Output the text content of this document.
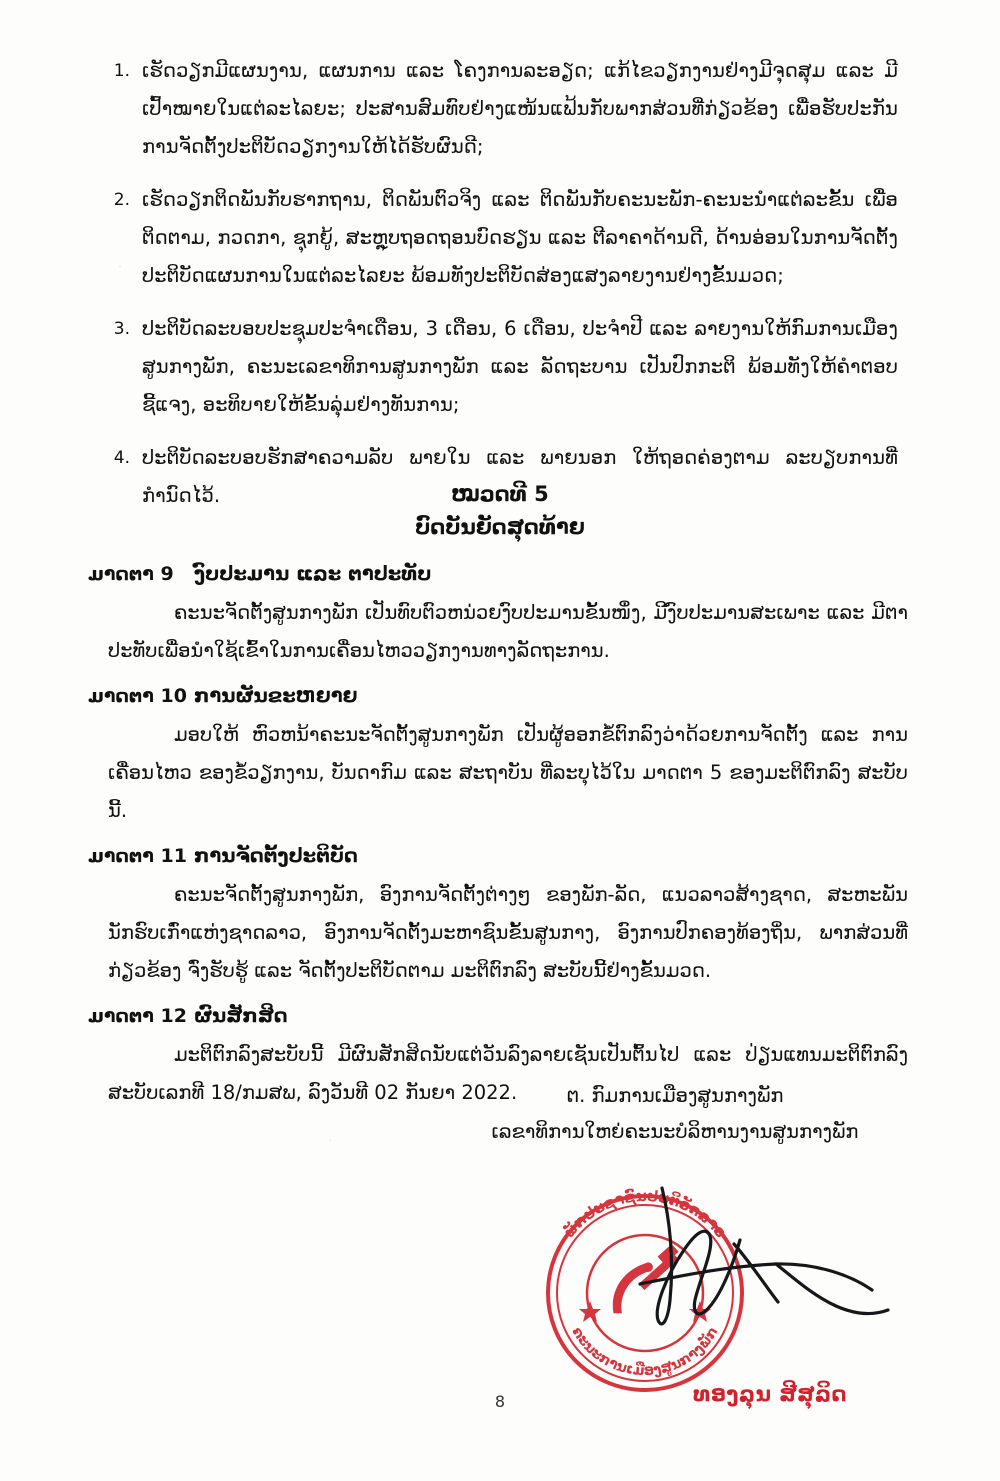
1. ເຮັດວຽກມີແຜນງານ, ແຜນການ ແລະ ໂຄງການລະອຽດ; ແກ້ໄຂວຽກງານຢ່າງມີຈຸດສຸມ ແລະ ມີເປົ້າໝາຍໃນແຕ່ລະໄລຍະ; ປະສານສົມທົບຢ່າງແໜ້ນແຟ້ນກັບພາກສ່ວນທີ່ກ່ຽວຂ້ອງ ເພື່ອຮັບປະກັນການຈັດຕັ້ງປະຕິບັດວຽກງານໃຫ້ໄດ້ຮັບຜົນດີ;
2. ເຮັດວຽກຕິດພັນກັບຮາກຖານ, ຕິດພັນຕົວຈິງ ແລະ ຕິດພັນກັບຄະນະພັກ-ຄະນະນຳແຕ່ລະຂັ້ນ ເພື່ອຕິດຕາມ, ກວດກາ, ຊຸກຍູ້, ສະຫຼຸບຖອດຖອນບົດຮຽນ ແລະ ຕີລາຄາດ້ານດີ, ດ້ານອ່ອນໃນການຈັດຕັ້ງປະຕິບັດແຜນການໃນແຕ່ລະໄລຍະ ພ້ອມທັງປະຕິບັດສ່ອງແສງລາຍງານຢ່າງຂັ້ນມວດ;
3. ປະຕິບັດລະບອບປະຊຸມປະຈຳເດືອນ, 3 ເດືອນ, 6 ເດືອນ, ປະຈຳປີ ແລະ ລາຍງານໃຫ້ກົມການເມືອງສູນກາງພັກ, ຄະນະເລຂາທິການສູນກາງພັກ ແລະ ລັດຖະບານ ເປັນປົກກະຕິ ພ້ອມທັງໃຫ້ຄຳຕອບຊີ້ແຈງ, ອະທິບາຍໃຫ້ຂັ້ນລຸ່ມຢ່າງທັນການ;
4. ປະຕິບັດລະບອບຮັກສາຄວາມລັບ ພາຍໃນ ແລະ ພາຍນອກ ໃຫ້ຖອດຄ່ອງຕາມ ລະບຽບການທີ່ກຳນົດໄວ້.	ໝວດທີ 5
ບົດບັນຍັດສຸດທ້າຍ
ມາດຕາ 9	ງົບປະມານ ແລະ ຕາປະທັບ
ຄະນະຈັດຕັ້ງສູນກາງພັກ ເປັນທົບຕົວຫນ່ວຍງົບປະມານຂັ້ນໜຶ່ງ, ມີງົບປະມານສະເພາະ ແລະ ມີຕາປະທັບເພື່ອນຳໃຊ້ເຂົ້າໃນການເຄື່ອນໄຫວວຽກງານທາງລັດຖະການ.
ມາດຕາ 10 ການຜັນຂະຫຍາຍ
ມອບໃຫ້ ຫົວຫນ້າຄະນະຈັດຕັ້ງສູນກາງພັກ ເປັນຜູ້ອອກຂໍ້ຕົກລົງວ່າດ້ວຍການຈັດຕັ້ງ ແລະ ການເຄື່ອນໄຫວ ຂອງຂໍ້ວຽກງານ, ບັນດາກົມ ແລະ ສະຖາບັນ ທີ່ລະບຸໄວ້ໃນ ມາດຕາ 5 ຂອງມະຕິຕົກລົງ ສະບັບນີ້.
ມາດຕາ 11 ການຈັດຕັ້ງປະຕິບັດ
ຄະນະຈັດຕັ້ງສູນກາງພັກ, ອົງການຈັດຕັ້ງຕ່າງໆ ຂອງພັກ-ລັດ, ແນວລາວສ້າງຊາດ, ສະຫະພັນນັກຮົບເກົ່າແຫ່ງຊາດລາວ, ອົງການຈັດຕັ້ງມະຫາຊົນຂັ້ນສູນກາງ, ອົງການປົກຄອງທ້ອງຖິ່ນ, ພາກສ່ວນທີ່ກ່ຽວຂ້ອງ ຈົ່ງຮັບຮູ້ ແລະ ຈັດຕັ້ງປະຕິບັດຕາມ ມະຕິຕົກລົງ ສະບັບນີ້ຢ່າງຂັ້ນມວດ.
ມາດຕາ 12 ຜົນສັກສິດ
ມະຕິຕົກລົງສະບັບນີ້ ມີຜົນສັກສິດນັບແຕ່ວັນລົງລາຍເຊັນເປັນຕົ້ນໄປ ແລະ ປ່ຽນແທນມະຕິຕົກລົງ ສະບັບເລກທີ 18/ກມສພ, ລົງວັນທີ 02 ກັນຍາ 2022.	ຕ. ກົມການເມືອງສູນກາງພັກ
ເລຂາທິການໃຫຍ່ຄະນະບໍລິຫານງານສູນກາງພັກ
ພັກປະຊາຊົນປະຕິວັດລາວ
ຄະນະການເມືອງສູນກາງພັກ
ທອງລຸນ ສີສຸລິດ
8
